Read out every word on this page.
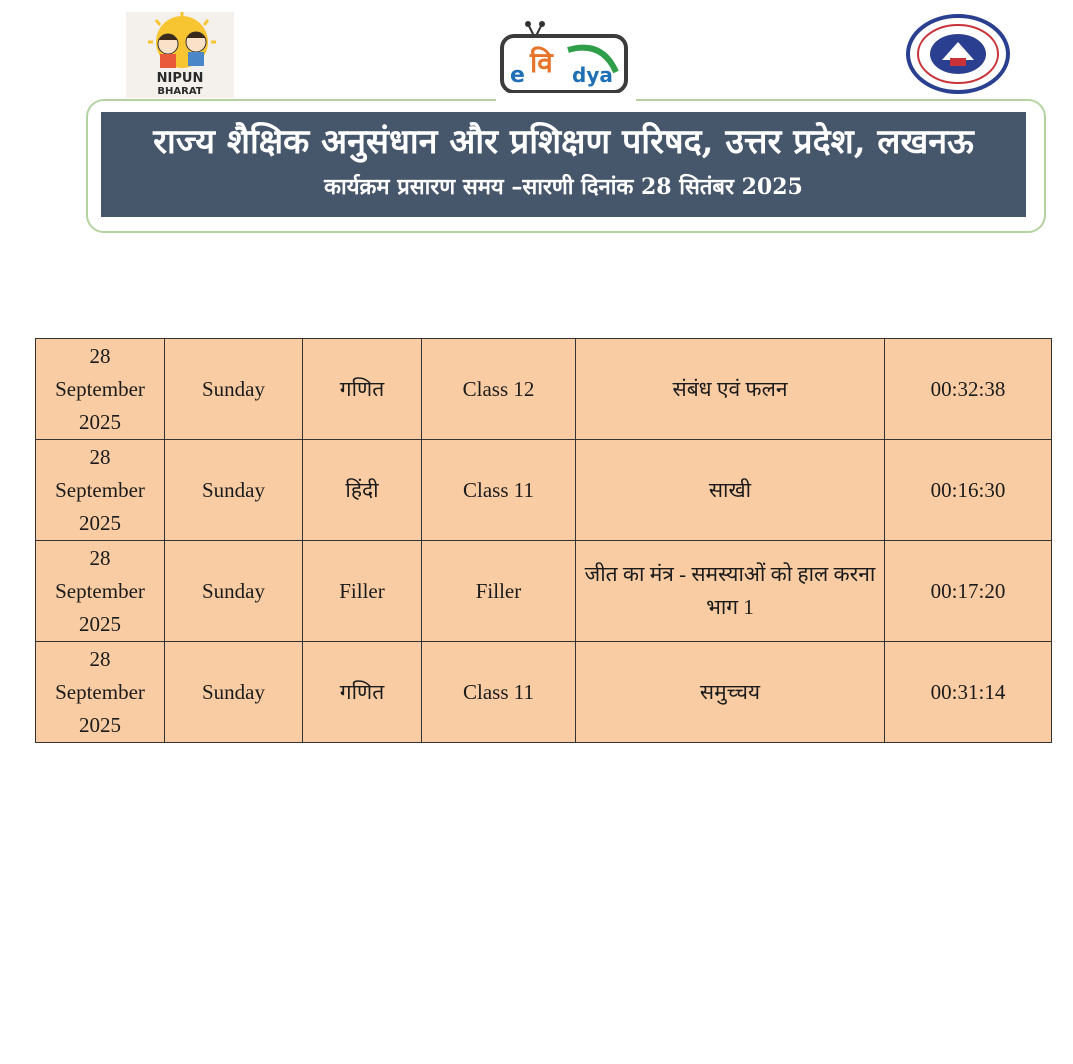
NIPUN
BHARAT
e वि dya
राज्य शैक्षिक अनुसंधान और प्रशिक्षण परिषद, उत्तर प्रदेश, लखनऊ
कार्यक्रम प्रसारण समय –सारणी दिनांक 28 सितंबर 2025
28
September
2025	Sunday	गणित	Class 12	संबंध एवं फलन	00:32:38
28
September
2025	Sunday	हिंदी	Class 11	साखी	00:16:30
28
September
2025	Sunday	Filler	Filler	जीत का मंत्र - समस्याओं को हाल करना
भाग 1	00:17:20
28
September
2025	Sunday	गणित	Class 11	समुच्चय	00:31:14
